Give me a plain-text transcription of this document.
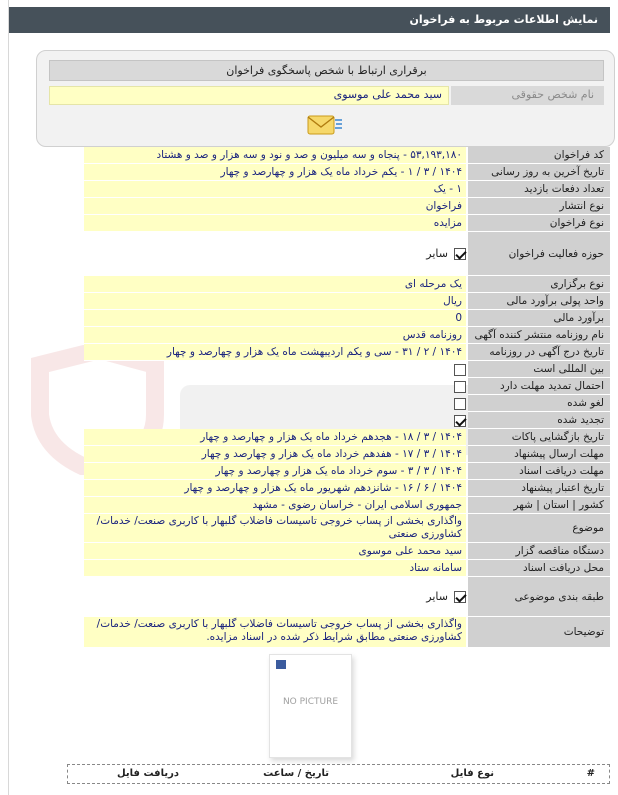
نمایش اطلاعات مربوط به فراخوان
برقراری ارتباط با شخص پاسخگوی فراخوان
نام شخص حقوقی
سید محمد علی موسوی
کد فراخوان
۵۳,۱۹۳,۱۸۰ - پنجاه و سه میلیون و صد و نود و سه هزار و صد و هشتاد
تاریخ آخرین به روز رسانی
۱۴۰۴ / ۳ / ۱ - یکم خرداد ماه یک هزار و چهارصد و چهار
تعداد دفعات بازدید
۱ - یک
نوع انتشار
فراخوان
نوع فراخوان
مزایده
حوزه فعالیت فراخوان
سایر
نوع برگزاری
یک مرحله ای
واحد پولی برآورد مالی
ریال
برآورد مالی
0
نام روزنامه منتشر کننده آگهی
روزنامه قدس
تاریخ درج آگهی در روزنامه
۱۴۰۴ / ۲ / ۳۱ - سی و یکم اردیبهشت ماه یک هزار و چهارصد و چهار
بین المللی است
احتمال تمدید مهلت دارد
لغو شده
تجدید شده
تاریخ بازگشایی پاکات
۱۴۰۴ / ۳ / ۱۸ - هجدهم خرداد ماه یک هزار و چهارصد و چهار
مهلت ارسال پیشنهاد
۱۴۰۴ / ۳ / ۱۷ - هفدهم خرداد ماه یک هزار و چهارصد و چهار
مهلت دریافت اسناد
۱۴۰۴ / ۳ / ۳ - سوم خرداد ماه یک هزار و چهارصد و چهار
تاریخ اعتبار پیشنهاد
۱۴۰۴ / ۶ / ۱۶ - شانزدهم شهریور ماه یک هزار و چهارصد و چهار
کشور | استان | شهر
جمهوری اسلامی ایران - خراسان رضوی - مشهد
موضوع
واگذاری بخشی از پساب خروجی تاسیسات فاضلاب گلبهار با کاربری صنعت/ خدمات/ کشاورزی صنعتی
دستگاه مناقصه گزار
سید محمد علی موسوی
محل دریافت اسناد
سامانه ستاد
طبقه بندی موضوعی
سایر
توضیحات
واگذاری بخشی از پساب خروجی تاسیسات فاضلاب گلبهار با کاربری صنعت/ خدمات/ کشاورزی صنعتی مطابق شرایط ذکر شده در اسناد مزایده.
NO PICTURE
#
نوع فایل
تاریخ / ساعت
دریافت فایل
